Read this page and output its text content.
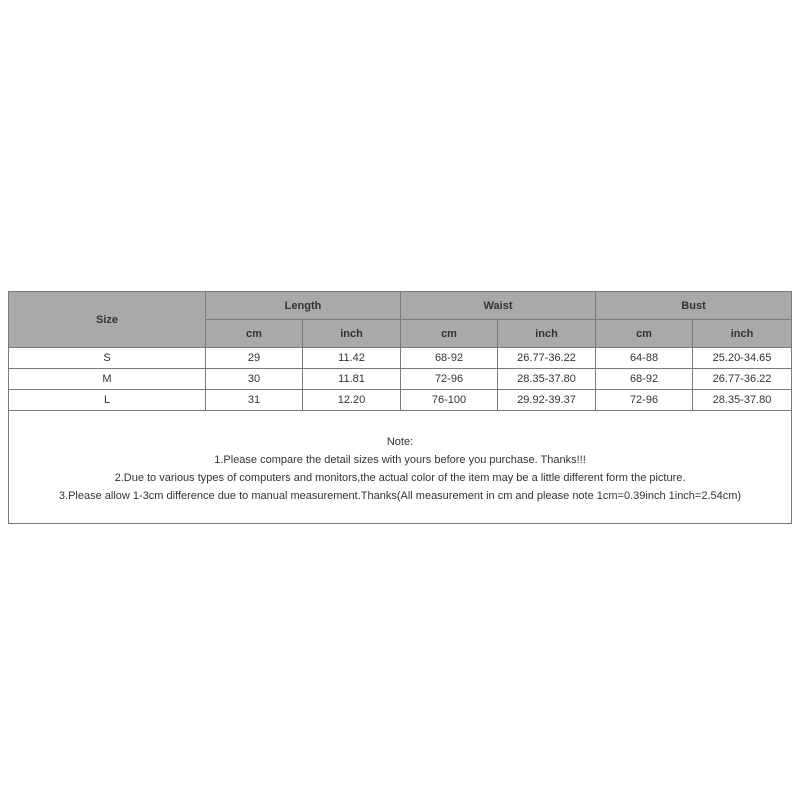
Size	Length		Waist		Bust	
	cm	inch	cm	inch	cm	inch
S	29	11.42	68-92	26.77-36.22	64-88	25.20-34.65
M	30	11.81	72-96	28.35-37.80	68-92	26.77-36.22
L	31	12.20	76-100	29.92-39.37	72-96	28.35-37.80

Note:
1.Please compare the detail sizes with yours before you purchase. Thanks!!!
2.Due to various types of computers and monitors,the actual color of the item may be a little different form the picture.
3.Please allow 1-3cm difference due to manual measurement.Thanks(All measurement in cm and please note 1cm=0.39inch 1inch=2.54cm)						
